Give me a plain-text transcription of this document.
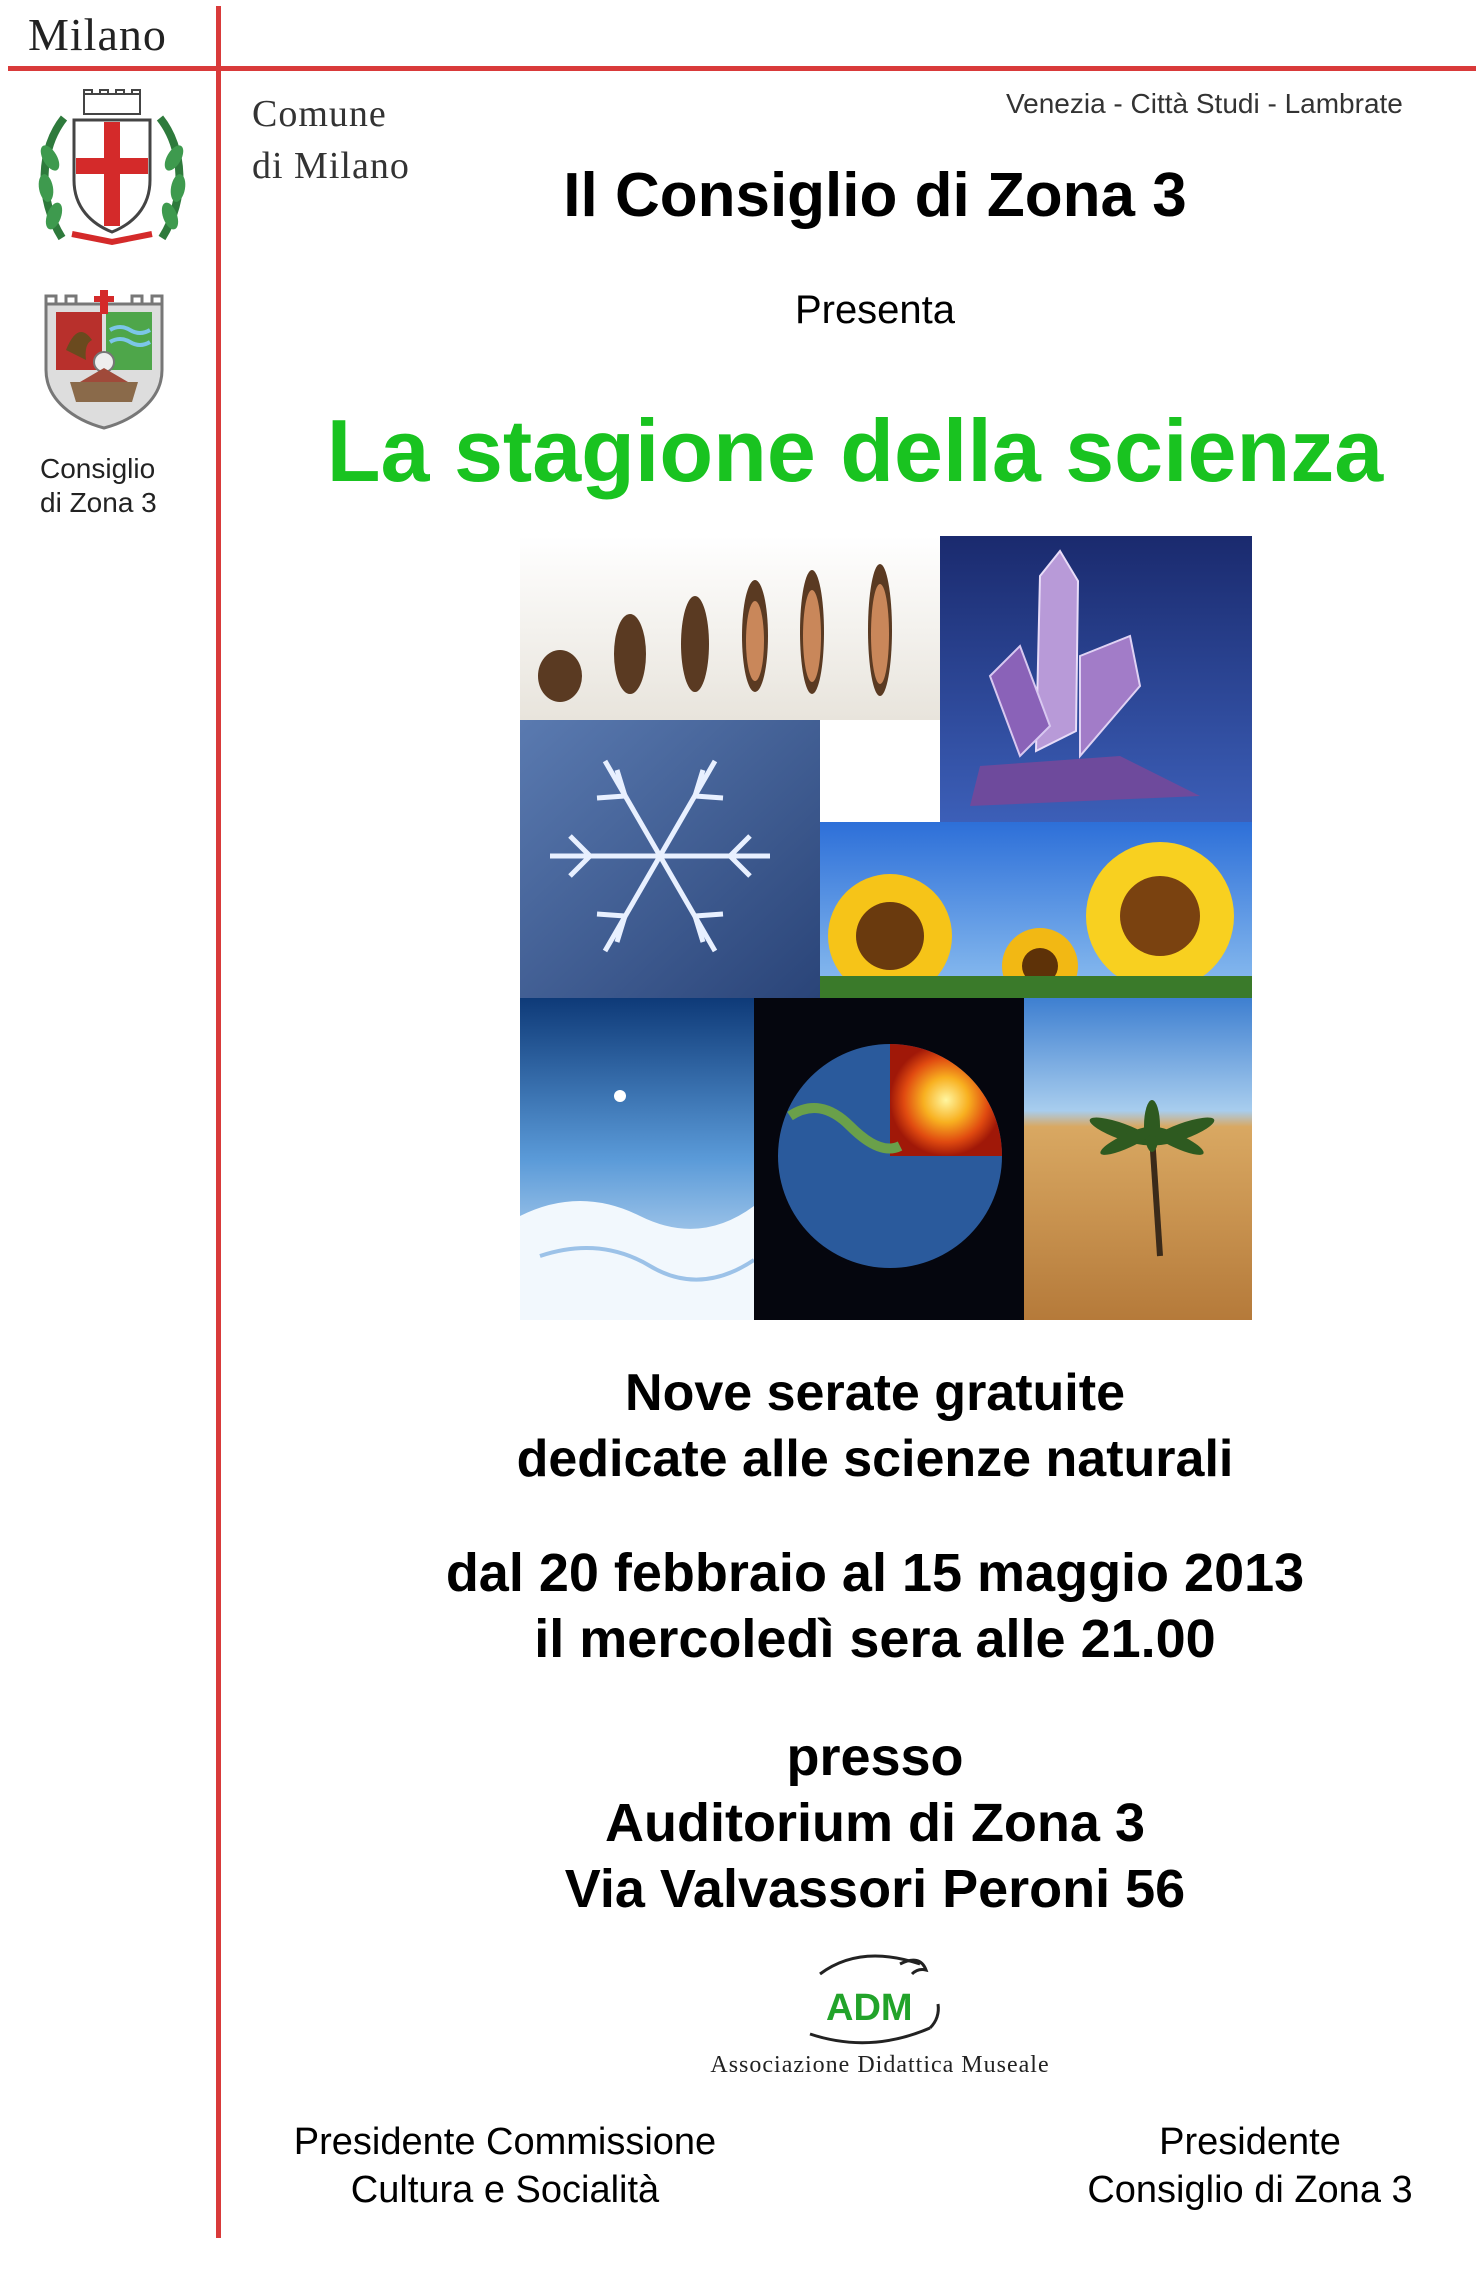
Milano
Comune
di Milano
Venezia - Città Studi - Lambrate
Consiglio
di Zona 3
Il Consiglio di Zona 3
Presenta
La stagione della scienza
Nove serate gratuite
dedicate alle scienze naturali
dal 20 febbraio al 15 maggio 2013
il mercoledì sera alle 21.00
presso
Auditorium di Zona 3
Via Valvassori Peroni 56
ADM
Associazione Didattica Museale
Presidente Commissione
Cultura e Socialità
Presidente
Consiglio di Zona 3
